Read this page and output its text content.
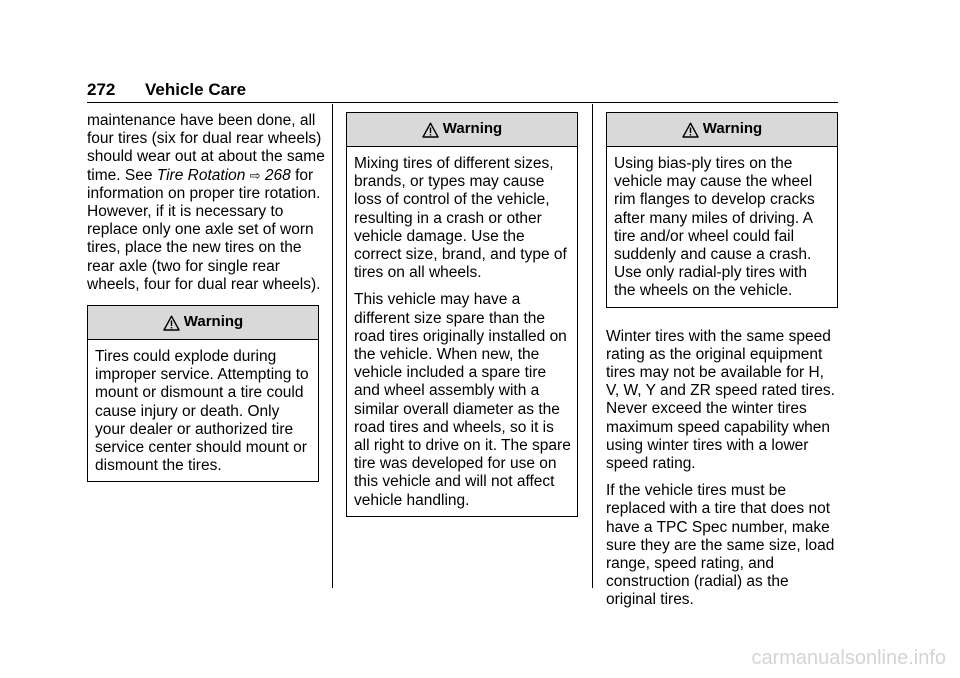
272 Vehicle Care

maintenance have been done, all four tires (six for dual rear wheels) should wear out at about the same time. See Tire Rotation ⇨ 268 for information on proper tire rotation. However, if it is necessary to replace only one axle set of worn tires, place the new tires on the rear axle (two for single rear wheels, four for dual rear wheels).

Warning

Tires could explode during improper service. Attempting to mount or dismount a tire could cause injury or death. Only your dealer or authorized tire service center should mount or dismount the tires.

Warning

Mixing tires of different sizes, brands, or types may cause loss of control of the vehicle, resulting in a crash or other vehicle damage. Use the correct size, brand, and type of tires on all wheels.

This vehicle may have a different size spare than the road tires originally installed on the vehicle. When new, the vehicle included a spare tire and wheel assembly with a similar overall diameter as the road tires and wheels, so it is all right to drive on it. The spare tire was developed for use on this vehicle and will not affect vehicle handling.

Warning

Using bias-ply tires on the vehicle may cause the wheel rim flanges to develop cracks after many miles of driving. A tire and/or wheel could fail suddenly and cause a crash. Use only radial-ply tires with the wheels on the vehicle.

Winter tires with the same speed rating as the original equipment tires may not be available for H, V, W, Y and ZR speed rated tires. Never exceed the winter tires maximum speed capability when using winter tires with a lower speed rating.

If the vehicle tires must be replaced with a tire that does not have a TPC Spec number, make sure they are the same size, load range, speed rating, and construction (radial) as the original tires.

carmanualsonline.info
